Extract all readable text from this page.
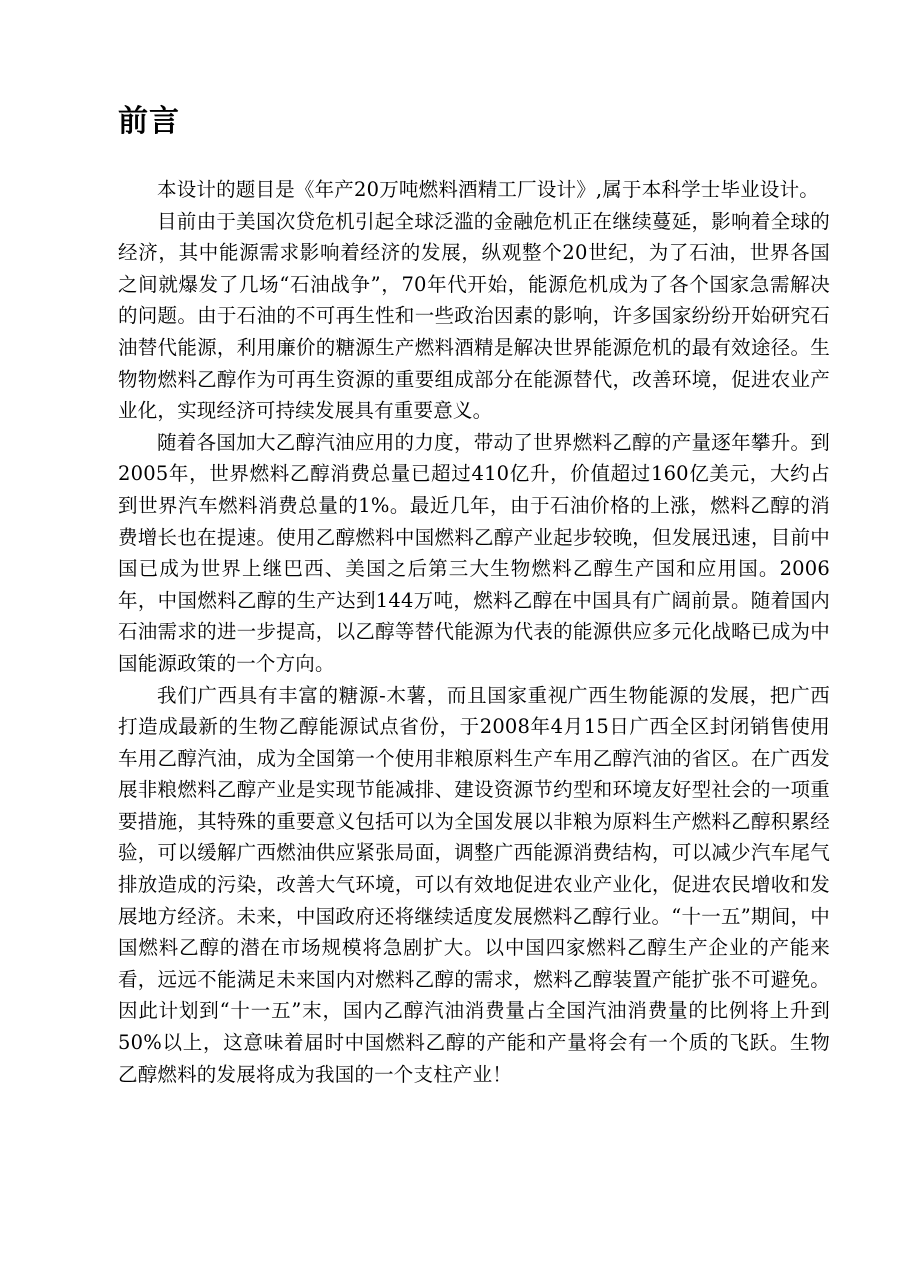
前言

本设计的题目是《年产20万吨燃料酒精工厂设计》,属于本科学士毕业设计。

目前由于美国次贷危机引起全球泛滥的金融危机正在继续蔓延，影响着全球的经济，其中能源需求影响着经济的发展，纵观整个20世纪，为了石油，世界各国之间就爆发了几场“石油战争”，70年代开始，能源危机成为了各个国家急需解决的问题。由于石油的不可再生性和一些政治因素的影响，许多国家纷纷开始研究石油替代能源，利用廉价的糖源生产燃料酒精是解决世界能源危机的最有效途径。生物物燃料乙醇作为可再生资源的重要组成部分在能源替代，改善环境，促进农业产业化，实现经济可持续发展具有重要意义。

随着各国加大乙醇汽油应用的力度，带动了世界燃料乙醇的产量逐年攀升。到2005年，世界燃料乙醇消费总量已超过410亿升，价值超过160亿美元，大约占到世界汽车燃料消费总量的1%。最近几年，由于石油价格的上涨，燃料乙醇的消费增长也在提速。使用乙醇燃料中国燃料乙醇产业起步较晚，但发展迅速，目前中国已成为世界上继巴西、美国之后第三大生物燃料乙醇生产国和应用国。2006年，中国燃料乙醇的生产达到144万吨，燃料乙醇在中国具有广阔前景。随着国内石油需求的进一步提高，以乙醇等替代能源为代表的能源供应多元化战略已成为中国能源政策的一个方向。

我们广西具有丰富的糖源-木薯，而且国家重视广西生物能源的发展，把广西打造成最新的生物乙醇能源试点省份，于2008年4月15日广西全区封闭销售使用车用乙醇汽油，成为全国第一个使用非粮原料生产车用乙醇汽油的省区。在广西发展非粮燃料乙醇产业是实现节能减排、建设资源节约型和环境友好型社会的一项重要措施，其特殊的重要意义包括可以为全国发展以非粮为原料生产燃料乙醇积累经验，可以缓解广西燃油供应紧张局面，调整广西能源消费结构，可以减少汽车尾气排放造成的污染，改善大气环境，可以有效地促进农业产业化，促进农民增收和发展地方经济。未来，中国政府还将继续适度发展燃料乙醇行业。“十一五”期间，中国燃料乙醇的潜在市场规模将急剧扩大。以中国四家燃料乙醇生产企业的产能来看，远远不能满足未来国内对燃料乙醇的需求，燃料乙醇装置产能扩张不可避免。因此计划到“十一五”末，国内乙醇汽油消费量占全国汽油消费量的比例将上升到50%以上，这意味着届时中国燃料乙醇的产能和产量将会有一个质的飞跃。生物乙醇燃料的发展将成为我国的一个支柱产业！
